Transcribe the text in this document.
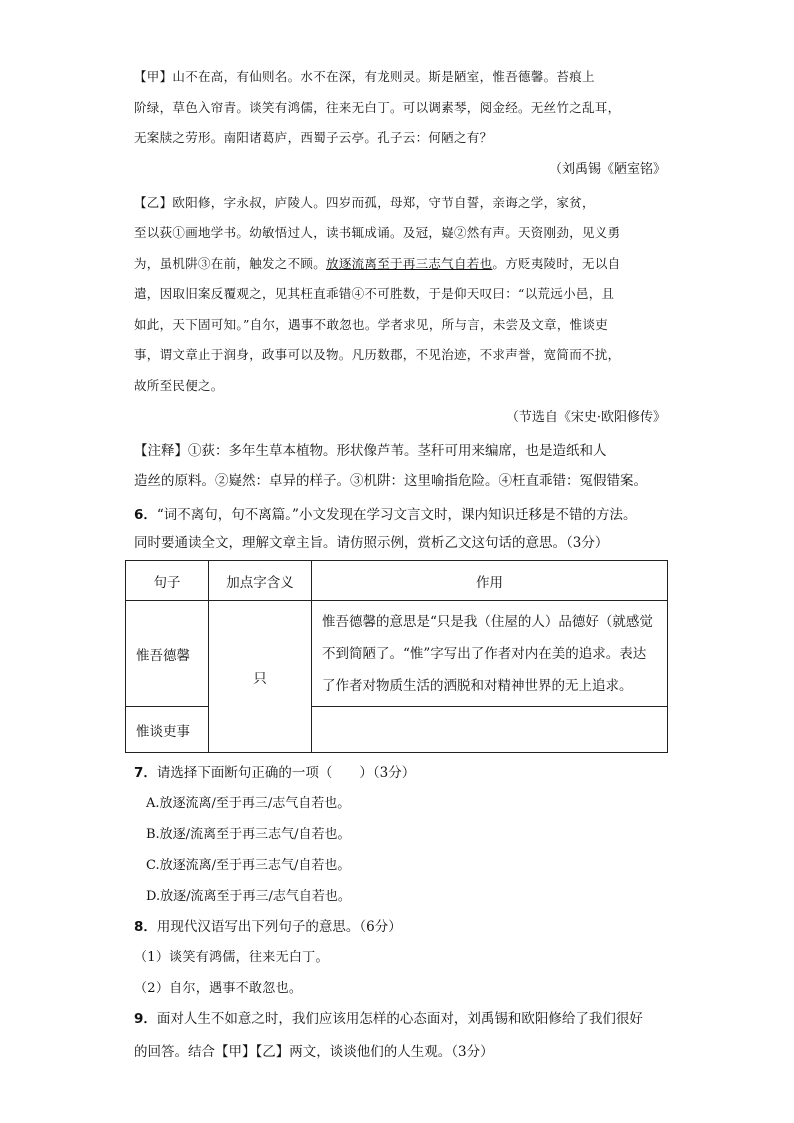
【甲】山不在高，有仙则名。水不在深，有龙则灵。斯是陋室，惟吾德馨。苔痕上

阶绿，草色入帘青。谈笑有鸿儒，往来无白丁。可以调素琴，阅金经。无丝竹之乱耳，

无案牍之劳形。南阳诸葛庐，西蜀子云亭。孔子云：何陋之有？

（刘禹锡《陋室铭》

【乙】欧阳修，字永叔，庐陵人。四岁而孤，母郑，守节自誓，亲诲之学，家贫，

至以荻①画地学书。幼敏悟过人，读书辄成诵。及冠，嶷②然有声。天资刚劲，见义勇

为，虽机阱③在前，触发之不顾。放逐流离至于再三志气自若也。方贬夷陵时，无以自

遣，因取旧案反覆观之，见其枉直乖错④不可胜数，于是仰天叹曰：“以荒远小邑，且

如此，天下固可知。”自尔，遇事不敢忽也。学者求见，所与言，未尝及文章，惟谈吏

事，谓文章止于润身，政事可以及物。凡历数郡，不见治迹，不求声誉，宽简而不扰，

故所至民便之。

（节选自《宋史·欧阳修传》

【注释】①荻：多年生草本植物。形状像芦苇。茎秆可用来编席，也是造纸和人

造丝的原料。②嶷然：卓异的样子。③机阱：这里喻指危险。④枉直乖错：冤假错案。

6．“词不离句，句不离篇。”小文发现在学习文言文时，课内知识迁移是不错的方法。

同时要通读全文，理解文章主旨。请仿照示例，赏析乙文这句话的意思。（3分）

句子	加点字含义	作用
惟吾德馨	只	惟吾德馨的意思是“只是我（住屋的人）品德好（就感觉不到简陋了。“惟”字写出了作者对内在美的追求。表达了作者对物质生活的洒脱和对精神世界的无上追求。
惟谈吏事		

7．请选择下面断句正确的一项（　　）（3分）

A.放逐流离/至于再三/志气自若也。

B.放逐/流离至于再三志气/自若也。

C.放逐流离/至于再三志气/自若也。

D.放逐/流离至于再三/志气自若也。

8．用现代汉语写出下列句子的意思。（6分）

（1）谈笑有鸿儒，往来无白丁。

（2）自尔，遇事不敢忽也。

9．面对人生不如意之时，我们应该用怎样的心态面对，刘禹锡和欧阳修给了我们很好

的回答。结合【甲】【乙】两文，谈谈他们的人生观。（3分）
